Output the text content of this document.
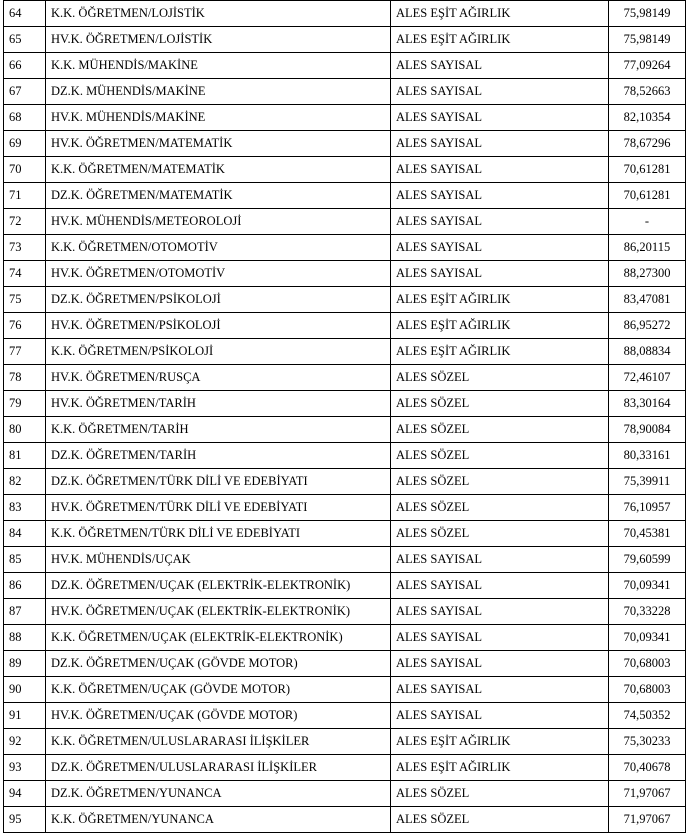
64	K.K. ÖĞRETMEN/LOJİSTİK	ALES EŞİT AĞIRLIK	75,98149
65	HV.K. ÖĞRETMEN/LOJİSTİK	ALES EŞİT AĞIRLIK	75,98149
66	K.K. MÜHENDİS/MAKİNE	ALES SAYISAL	77,09264
67	DZ.K. MÜHENDİS/MAKİNE	ALES SAYISAL	78,52663
68	HV.K. MÜHENDİS/MAKİNE	ALES SAYISAL	82,10354
69	HV.K. ÖĞRETMEN/MATEMATİK	ALES SAYISAL	78,67296
70	K.K. ÖĞRETMEN/MATEMATİK	ALES SAYISAL	70,61281
71	DZ.K. ÖĞRETMEN/MATEMATİK	ALES SAYISAL	70,61281
72	HV.K. MÜHENDİS/METEOROLOJİ	ALES SAYISAL	-
73	K.K. ÖĞRETMEN/OTOMOTİV	ALES SAYISAL	86,20115
74	HV.K. ÖĞRETMEN/OTOMOTİV	ALES SAYISAL	88,27300
75	DZ.K. ÖĞRETMEN/PSİKOLOJİ	ALES EŞİT AĞIRLIK	83,47081
76	HV.K. ÖĞRETMEN/PSİKOLOJİ	ALES EŞİT AĞIRLIK	86,95272
77	K.K. ÖĞRETMEN/PSİKOLOJİ	ALES EŞİT AĞIRLIK	88,08834
78	HV.K. ÖĞRETMEN/RUSÇA	ALES SÖZEL	72,46107
79	HV.K. ÖĞRETMEN/TARİH	ALES SÖZEL	83,30164
80	K.K. ÖĞRETMEN/TARİH	ALES SÖZEL	78,90084
81	DZ.K. ÖĞRETMEN/TARİH	ALES SÖZEL	80,33161
82	DZ.K. ÖĞRETMEN/TÜRK DİLİ VE EDEBİYATI	ALES SÖZEL	75,39911
83	HV.K. ÖĞRETMEN/TÜRK DİLİ VE EDEBİYATI	ALES SÖZEL	76,10957
84	K.K. ÖĞRETMEN/TÜRK DİLİ VE EDEBİYATI	ALES SÖZEL	70,45381
85	HV.K. MÜHENDİS/UÇAK	ALES SAYISAL	79,60599
86	DZ.K. ÖĞRETMEN/UÇAK (ELEKTRİK-ELEKTRONİK)	ALES SAYISAL	70,09341
87	HV.K. ÖĞRETMEN/UÇAK (ELEKTRİK-ELEKTRONİK)	ALES SAYISAL	70,33228
88	K.K. ÖĞRETMEN/UÇAK (ELEKTRİK-ELEKTRONİK)	ALES SAYISAL	70,09341
89	DZ.K. ÖĞRETMEN/UÇAK (GÖVDE MOTOR)	ALES SAYISAL	70,68003
90	K.K. ÖĞRETMEN/UÇAK (GÖVDE MOTOR)	ALES SAYISAL	70,68003
91	HV.K. ÖĞRETMEN/UÇAK (GÖVDE MOTOR)	ALES SAYISAL	74,50352
92	K.K. ÖĞRETMEN/ULUSLARARASI İLİŞKİLER	ALES EŞİT AĞIRLIK	75,30233
93	DZ.K. ÖĞRETMEN/ULUSLARARASI İLİŞKİLER	ALES EŞİT AĞIRLIK	70,40678
94	DZ.K. ÖĞRETMEN/YUNANCA	ALES SÖZEL	71,97067
95	K.K. ÖĞRETMEN/YUNANCA	ALES SÖZEL	71,97067
